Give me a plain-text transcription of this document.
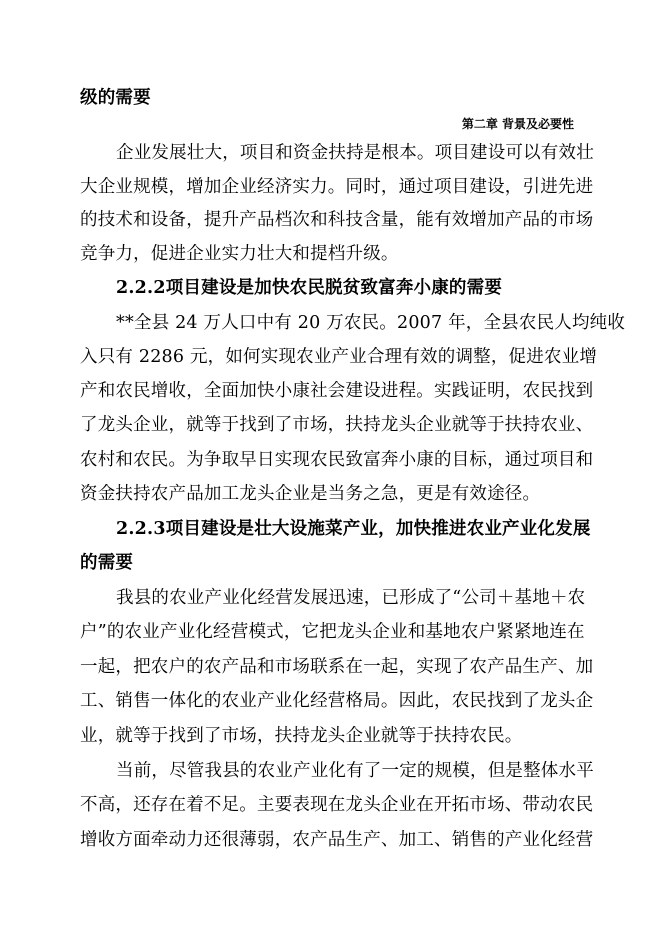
级的需要
第二章 背景及必要性
企业发展壮大，项目和资金扶持是根本。项目建设可以有效壮
大企业规模，增加企业经济实力。同时，通过项目建设，引进先进
的技术和设备，提升产品档次和科技含量，能有效增加产品的市场
竞争力，促进企业实力壮大和提档升级。
2.2.2项目建设是加快农民脱贫致富奔小康的需要
**全县 24 万人口中有 20 万农民。2007 年，全县农民人均纯收
入只有 2286 元，如何实现农业产业合理有效的调整，促进农业增
产和农民增收，全面加快小康社会建设进程。实践证明，农民找到
了龙头企业，就等于找到了市场，扶持龙头企业就等于扶持农业、
农村和农民。为争取早日实现农民致富奔小康的目标，通过项目和
资金扶持农产品加工龙头企业是当务之急，更是有效途径。
2.2.3项目建设是壮大设施菜产业，加快推进农业产业化发展
的需要
我县的农业产业化经营发展迅速，已形成了“公司＋基地＋农
户”的农业产业化经营模式，它把龙头企业和基地农户紧紧地连在
一起，把农户的农产品和市场联系在一起，实现了农产品生产、加
工、销售一体化的农业产业化经营格局。因此，农民找到了龙头企
业，就等于找到了市场，扶持龙头企业就等于扶持农民。
当前，尽管我县的农业产业化有了一定的规模，但是整体水平
不高，还存在着不足。主要表现在龙头企业在开拓市场、带动农民
增收方面牵动力还很薄弱，农产品生产、加工、销售的产业化经营
